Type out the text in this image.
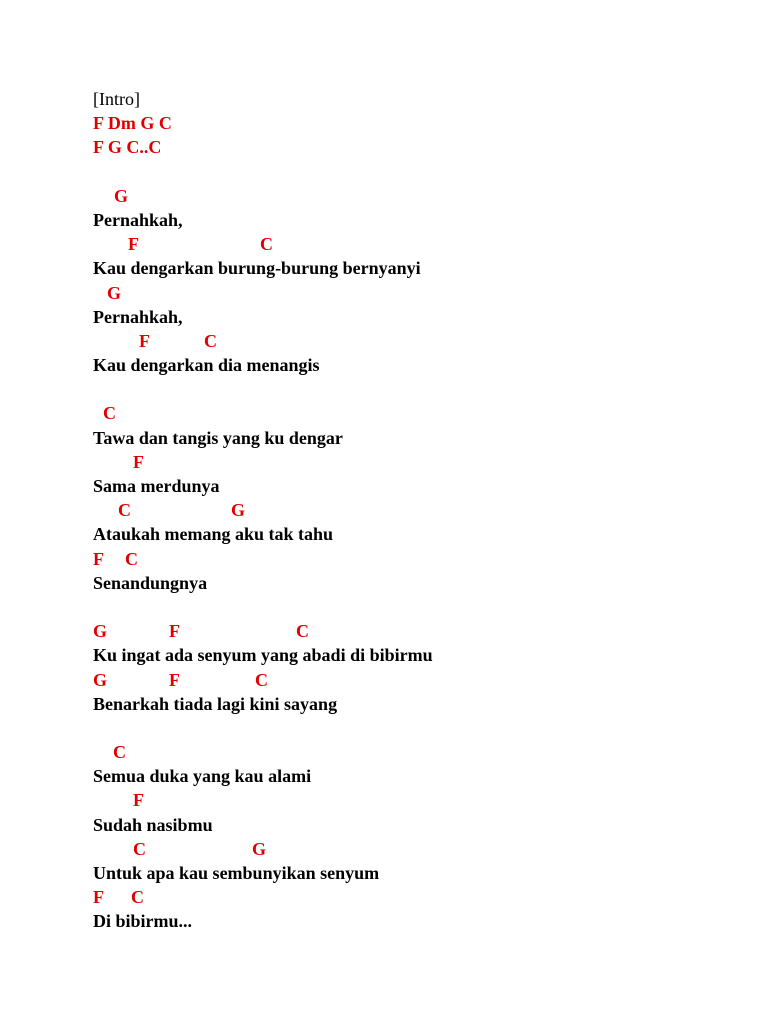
[Intro]
F Dm G C
F G C..C

G

Pernahkah,

F

	C

Kau dengarkan burung-burung bernyanyi

G

Pernahkah,

F

	C

Kau dengarkan dia menangis

C

Tawa dan tangis yang ku dengar

F

Sama merdunya

C

	G

Ataukah memang aku tak tahu

F

C

Senandungnya

G

	F

	C

Ku ingat ada senyum yang abadi di bibirmu

G

	F

	C

Benarkah tiada lagi kini sayang

C

Semua duka yang kau alami

F

Sudah nasibmu

C

	G

Untuk apa kau sembunyikan senyum

F

C

Di bibirmu...
